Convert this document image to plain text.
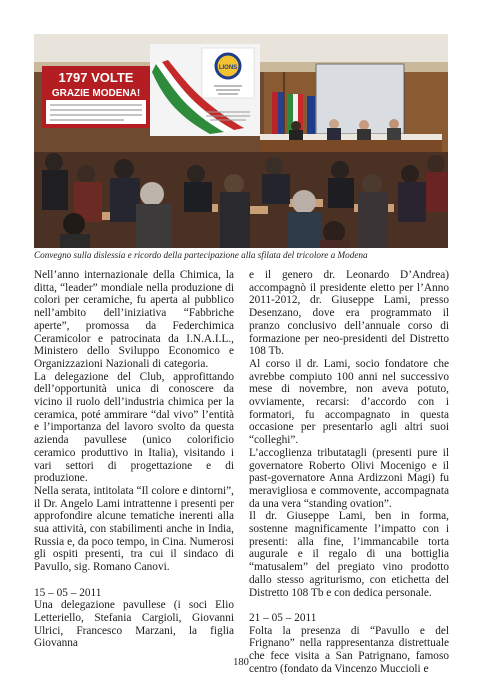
1797 VOLTE
GRAZIE MODENA!
LIONS
Convegno sulla dislessia e ricordo della partecipazione alla sfilata del tricolore a Modena

Nell’anno internazionale della Chimica, la ditta, “leader” mondiale nella produzione di colori per ceramiche, fu aperta al pubblico nell’ambito dell’iniziativa “Fabbriche aperte”, promossa da Federchimica Ceramicolor e patrocinata da I.N.A.I.L., Ministero dello Sviluppo Economico e Organizzazioni Nazionali di categoria.

La delegazione del Club, approfittando dell’opportunità unica di conoscere da vicino il ruolo dell’industria chimica per la ceramica, poté ammirare “dal vivo” l’entità e l’importanza del lavoro svolto da questa azienda pavullese (unico colorificio ceramico produttivo in Italia), visitando i vari settori di progettazione e di produzione.

Nella serata, intitolata “Il colore e dintorni”, il Dr. Angelo Lami intrattenne i presenti per approfondire alcune tematiche inerenti alla sua attività, con stabilimenti anche in India, Russia e, da poco tempo, in Cina. Numerosi gli ospiti presenti, tra cui il sindaco di Pavullo, sig. Romano Canovi.

15 – 05 – 2011

Una delegazione pavullese (i soci Elio Letteriello, Stefania Cargioli, Giovanni Ulrici, Francesco Marzani, la figlia Giovanna

e il genero dr. Leonardo D’Andrea) accompagnò il presidente eletto per l’Anno 2011-2012, dr. Giuseppe Lami, presso Desenzano, dove era programmato il pranzo conclusivo dell’annuale corso di formazione per neo-presidenti del Distretto 108 Tb.

Al corso il dr. Lami, socio fondatore che avrebbe compiuto 100 anni nel successivo mese di novembre, non aveva potuto, ovviamente, recarsi: d’accordo con i formatori, fu accompagnato in questa occasione per presentarlo agli altri suoi “colleghi”.

L’accoglienza tributatagli (presenti pure il governatore Roberto Olivi Mocenigo e il past-governatore Anna Ardizzoni Magi) fu meravigliosa e commovente, accompagnata da una vera “standing ovation”.

Il dr. Giuseppe Lami, ben in forma, sostenne magnificamente l’impatto con i presenti: alla fine, l’immancabile torta augurale e il regalo di una bottiglia “matusalem” del pregiato vino prodotto dallo stesso agriturismo, con etichetta del Distretto 108 Tb e con dedica personale.

21 – 05 – 2011

Folta la presenza di “Pavullo e del Frignano” nella rappresentanza distrettuale che fece visita a San Patrignano, famoso centro (fondato da Vincenzo Muccioli e

180
